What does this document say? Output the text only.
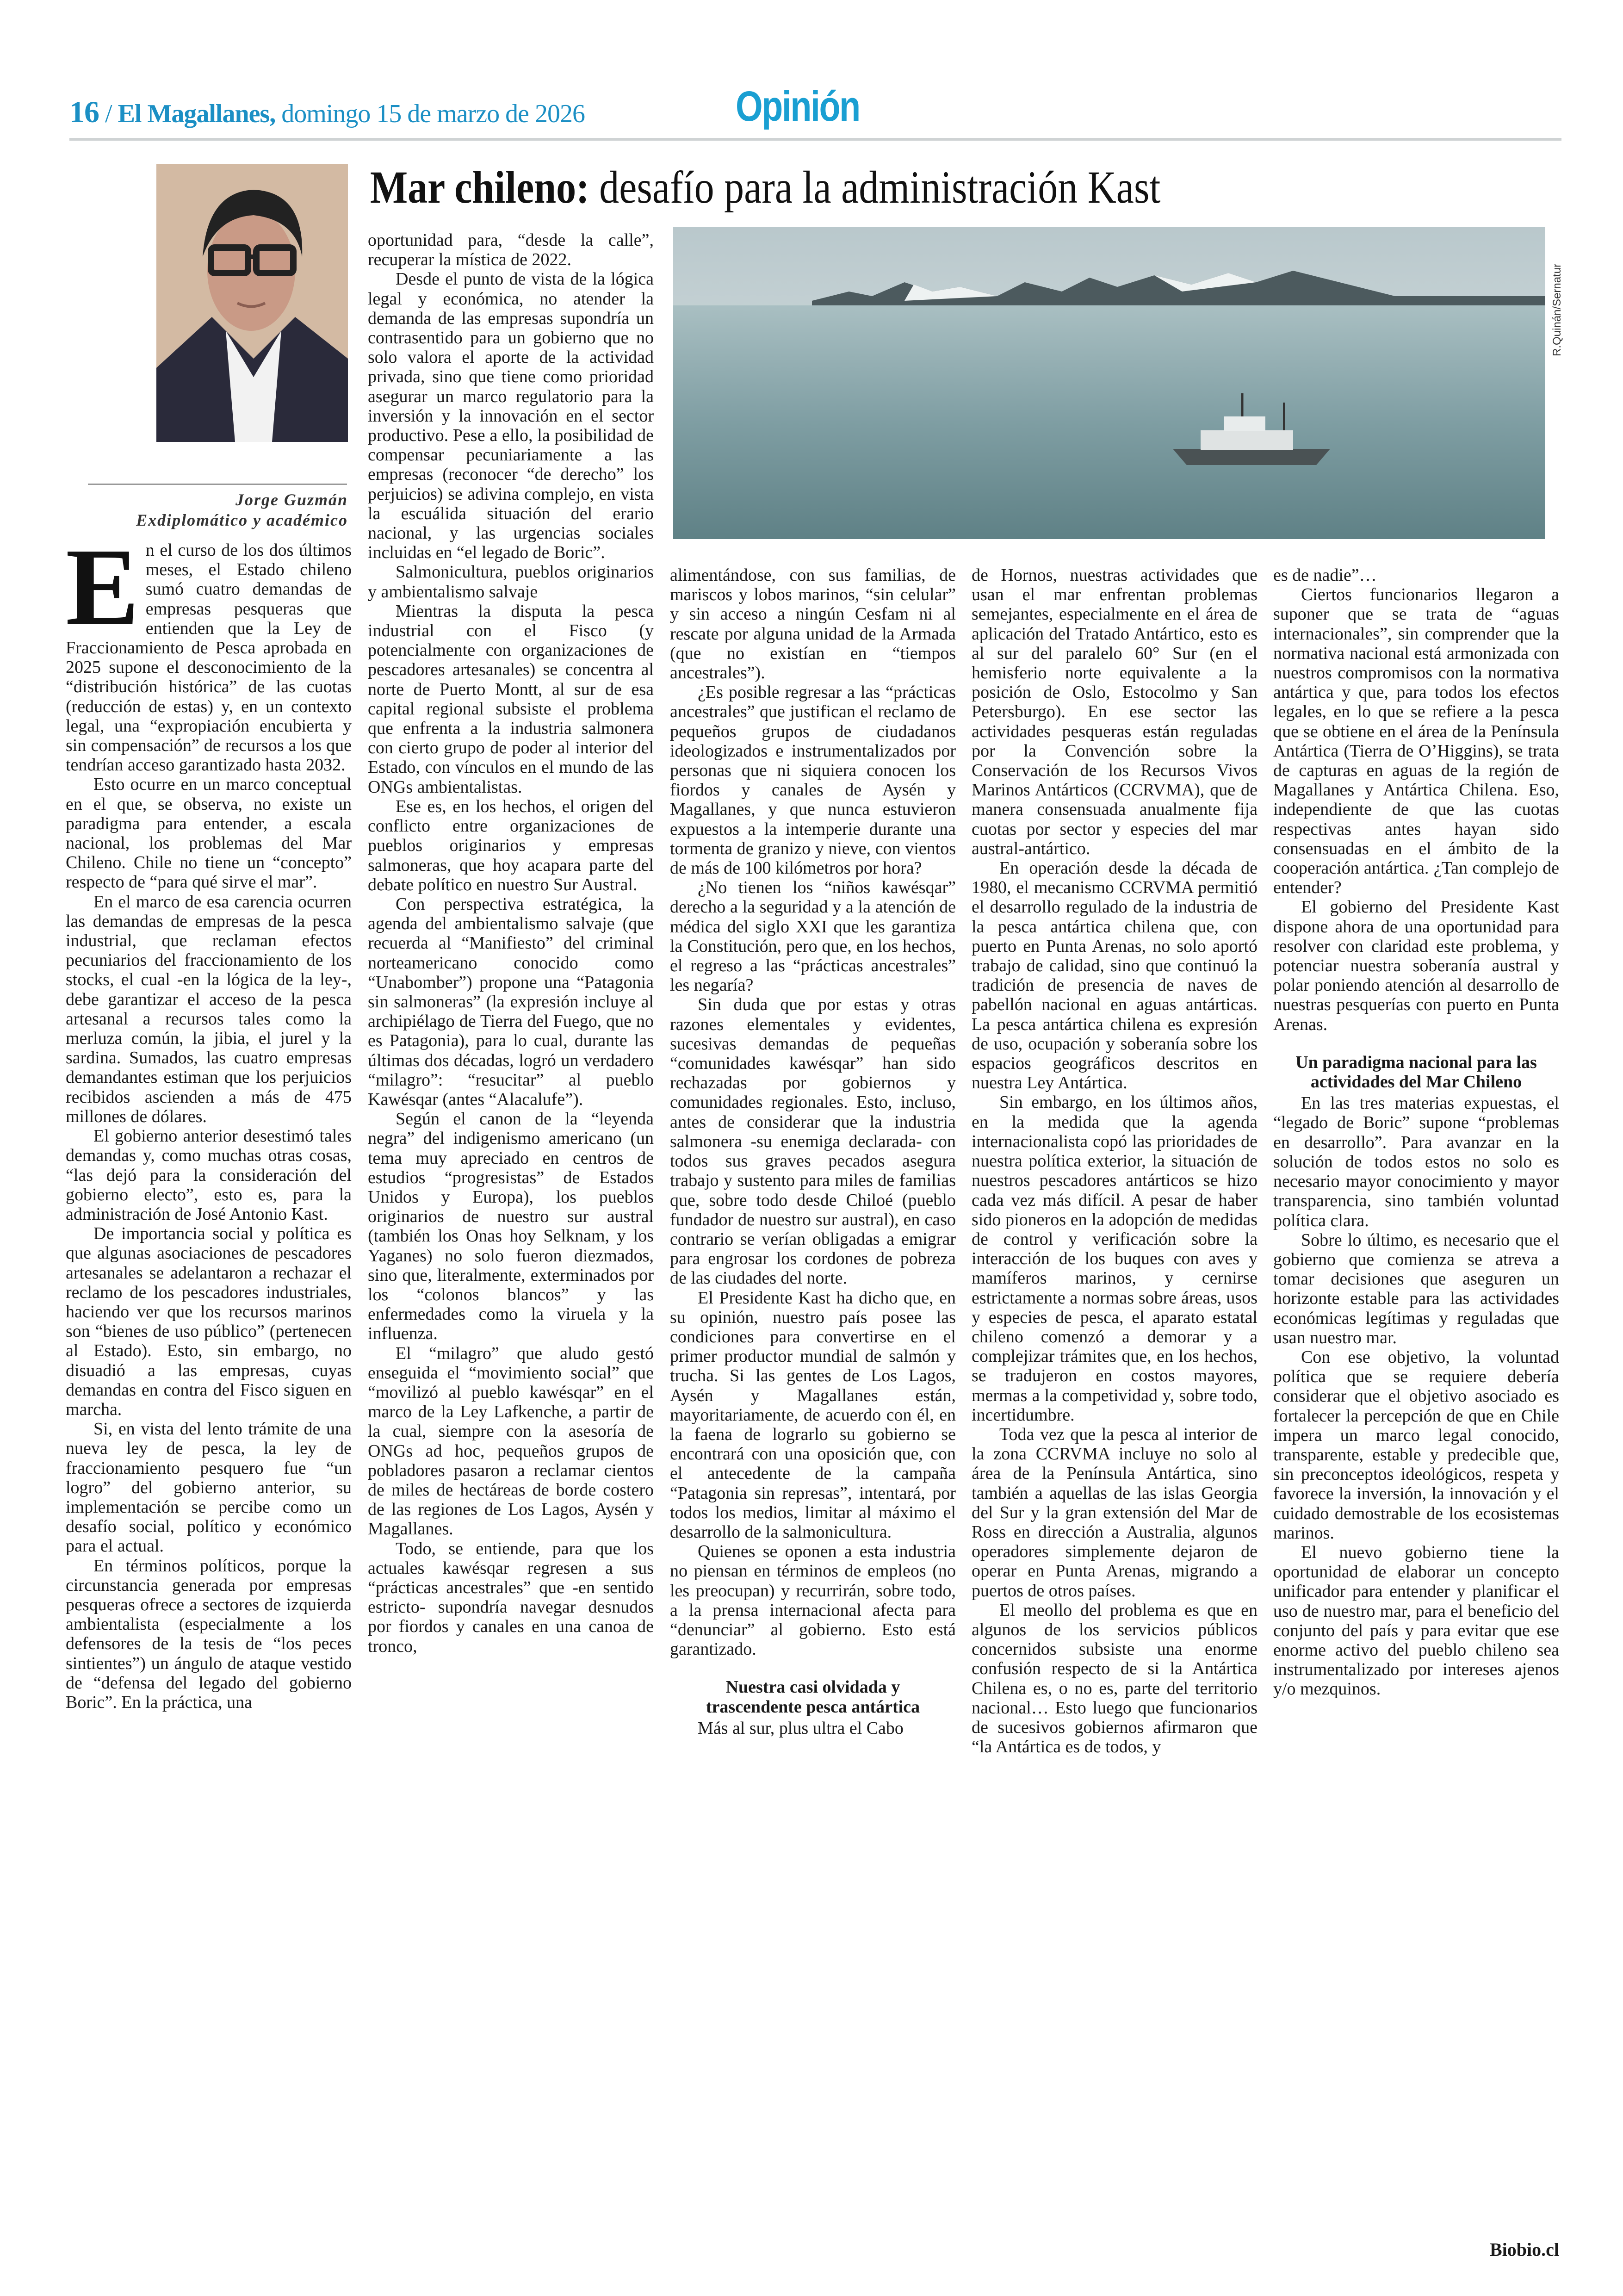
16 / El Magallanes, domingo 15 de marzo de 2026	Opinión
Jorge Guzmán
Exdiplomático y académico
Mar chileno: desafío para la administración Kast
R.Quinán/Sernatur

En el curso de los dos últimos meses, el Estado chileno sumó cuatro demandas de empresas pesqueras que entienden que la Ley de Fraccionamiento de Pesca aprobada en 2025 supone el desconocimiento de la “distribución histórica” de las cuotas (reducción de estas) y, en un contexto legal, una “expropiación encubierta y sin compensación” de recursos a los que tendrían acceso garantizado hasta 2032.

Esto ocurre en un marco conceptual en el que, se observa, no existe un paradigma para entender, a escala nacional, los problemas del Mar Chileno. Chile no tiene un “concepto” respecto de “para qué sirve el mar”.

En el marco de esa carencia ocurren las demandas de empresas de la pesca industrial, que reclaman efectos pecuniarios del fraccionamiento de los stocks, el cual -en la lógica de la ley-, debe garantizar el acceso de la pesca artesanal a recursos tales como la merluza común, la jibia, el jurel y la sardina. Sumados, las cuatro empresas demandantes estiman que los perjuicios recibidos ascienden a más de 475 millones de dólares.

El gobierno anterior desestimó tales demandas y, como muchas otras cosas, “las dejó para la consideración del gobierno electo”, esto es, para la administración de José Antonio Kast.

De importancia social y política es que algunas asociaciones de pescadores artesanales se adelantaron a rechazar el reclamo de los pescadores industriales, haciendo ver que los recursos marinos son “bienes de uso público” (pertenecen al Estado). Esto, sin embargo, no disuadió a las empresas, cuyas demandas en contra del Fisco siguen en marcha.

Si, en vista del lento trámite de una nueva ley de pesca, la ley de fraccionamiento pesquero fue “un logro” del gobierno anterior, su implementación se percibe como un desafío social, político y económico para el actual.

En términos políticos, porque la circunstancia generada por empresas pesqueras ofrece a sectores de izquierda ambientalista (especialmente a los defensores de la tesis de “los peces sintientes”) un ángulo de ataque vestido de “defensa del legado del gobierno Boric”. En la práctica, una

oportunidad para, “desde la calle”, recuperar la mística de 2022.

Desde el punto de vista de la lógica legal y económica, no atender la demanda de las empresas supondría un contrasentido para un gobierno que no solo valora el aporte de la actividad privada, sino que tiene como prioridad asegurar un marco regulatorio para la inversión y la innovación en el sector productivo. Pese a ello, la posibilidad de compensar pecuniariamente a las empresas (reconocer “de derecho” los perjuicios) se adivina complejo, en vista la escuálida situación del erario nacional, y las urgencias sociales incluidas en “el legado de Boric”.

Salmonicultura, pueblos originarios y ambientalismo salvaje

Mientras la disputa la pesca industrial con el Fisco (y potencialmente con organizaciones de pescadores artesanales) se concentra al norte de Puerto Montt, al sur de esa capital regional subsiste el problema que enfrenta a la industria salmonera con cierto grupo de poder al interior del Estado, con vínculos en el mundo de las ONGs ambientalistas.

Ese es, en los hechos, el origen del conflicto entre organizaciones de pueblos originarios y empresas salmoneras, que hoy acapara parte del debate político en nuestro Sur Austral.

Con perspectiva estratégica, la agenda del ambientalismo salvaje (que recuerda al “Manifiesto” del criminal norteamericano conocido como “Unabomber”) propone una “Patagonia sin salmoneras” (la expresión incluye al archipiélago de Tierra del Fuego, que no es Patagonia), para lo cual, durante las últimas dos décadas, logró un verdadero “milagro”: “resucitar” al pueblo Kawésqar (antes “Alacalufe”).

Según el canon de la “leyenda negra” del indigenismo americano (un tema muy apreciado en centros de estudios “progresistas” de Estados Unidos y Europa), los pueblos originarios de nuestro sur austral (también los Onas hoy Selknam, y los Yaganes) no solo fueron diezmados, sino que, literalmente, exterminados por los “colonos blancos” y las enfermedades como la viruela y la influenza.

El “milagro” que aludo gestó enseguida el “movimiento social” que “movilizó al pueblo kawésqar” en el marco de la Ley Lafkenche, a partir de la cual, siempre con la asesoría de ONGs ad hoc, pequeños grupos de pobladores pasaron a reclamar cientos de miles de hectáreas de borde costero de las regiones de Los Lagos, Aysén y Magallanes.

Todo, se entiende, para que los actuales kawésqar regresen a sus “prácticas ancestrales” que -en sentido estricto- supondría navegar desnudos por fiordos y canales en una canoa de tronco,

alimentándose, con sus familias, de mariscos y lobos marinos, “sin celular” y sin acceso a ningún Cesfam ni al rescate por alguna unidad de la Armada (que no existían en “tiempos ancestrales”).

¿Es posible regresar a las “prácticas ancestrales” que justifican el reclamo de pequeños grupos de ciudadanos ideologizados e instrumentalizados por personas que ni siquiera conocen los fiordos y canales de Aysén y Magallanes, y que nunca estuvieron expuestos a la intemperie durante una tormenta de granizo y nieve, con vientos de más de 100 kilómetros por hora?

¿No tienen los “niños kawésqar” derecho a la seguridad y a la atención de médica del siglo XXI que les garantiza la Constitución, pero que, en los hechos, el regreso a las “prácticas ancestrales” les negaría?

Sin duda que por estas y otras razones elementales y evidentes, sucesivas demandas de pequeñas “comunidades kawésqar” han sido rechazadas por gobiernos y comunidades regionales. Esto, incluso, antes de considerar que la industria salmonera -su enemiga declarada- con todos sus graves pecados asegura trabajo y sustento para miles de familias que, sobre todo desde Chiloé (pueblo fundador de nuestro sur austral), en caso contrario se verían obligadas a emigrar para engrosar los cordones de pobreza de las ciudades del norte.

El Presidente Kast ha dicho que, en su opinión, nuestro país posee las condiciones para convertirse en el primer productor mundial de salmón y trucha. Si las gentes de Los Lagos, Aysén y Magallanes están, mayoritariamente, de acuerdo con él, en la faena de lograrlo su gobierno se encontrará con una oposición que, con el antecedente de la campaña “Patagonia sin represas”, intentará, por todos los medios, limitar al máximo el desarrollo de la salmonicultura.

Quienes se oponen a esta industria no piensan en términos de empleos (no les preocupan) y recurrirán, sobre todo, a la prensa internacional afecta para “denunciar” al gobierno. Esto está garantizado.

Nuestra casi olvidada y trascendente pesca antártica

Más al sur, plus ultra el Cabo

de Hornos, nuestras actividades que usan el mar enfrentan problemas semejantes, especialmente en el área de aplicación del Tratado Antártico, esto es al sur del paralelo 60° Sur (en el hemisferio norte equivalente a la posición de Oslo, Estocolmo y San Petersburgo). En ese sector las actividades pesqueras están reguladas por la Convención sobre la Conservación de los Recursos Vivos Marinos Antárticos (CCRVMA), que de manera consensuada anualmente fija cuotas por sector y especies del mar austral-antártico.

En operación desde la década de 1980, el mecanismo CCRVMA permitió el desarrollo regulado de la industria de la pesca antártica chilena que, con puerto en Punta Arenas, no solo aportó trabajo de calidad, sino que continuó la tradición de presencia de naves de pabellón nacional en aguas antárticas. La pesca antártica chilena es expresión de uso, ocupación y soberanía sobre los espacios geográficos descritos en nuestra Ley Antártica.

Sin embargo, en los últimos años, en la medida que la agenda internacionalista copó las prioridades de nuestra política exterior, la situación de nuestros pescadores antárticos se hizo cada vez más difícil. A pesar de haber sido pioneros en la adopción de medidas de control y verificación sobre la interacción de los buques con aves y mamíferos marinos, y cernirse estrictamente a normas sobre áreas, usos y especies de pesca, el aparato estatal chileno comenzó a demorar y a complejizar trámites que, en los hechos, se tradujeron en costos mayores, mermas a la competividad y, sobre todo, incertidumbre.

Toda vez que la pesca al interior de la zona CCRVMA incluye no solo al área de la Península Antártica, sino también a aquellas de las islas Georgia del Sur y la gran extensión del Mar de Ross en dirección a Australia, algunos operadores simplemente dejaron de operar en Punta Arenas, migrando a puertos de otros países.

El meollo del problema es que en algunos de los servicios públicos concernidos subsiste una enorme confusión respecto de si la Antártica Chilena es, o no es, parte del territorio nacional… Esto luego que funcionarios de sucesivos gobiernos afirmaron que “la Antártica es de todos, y

es de nadie”…

Ciertos funcionarios llegaron a suponer que se trata de “aguas internacionales”, sin comprender que la normativa nacional está armonizada con nuestros compromisos con la normativa antártica y que, para todos los efectos legales, en lo que se refiere a la pesca que se obtiene en el área de la Península Antártica (Tierra de O’Higgins), se trata de capturas en aguas de la región de Magallanes y Antártica Chilena. Eso, independiente de que las cuotas respectivas antes hayan sido consensuadas en el ámbito de la cooperación antártica. ¿Tan complejo de entender?

El gobierno del Presidente Kast dispone ahora de una oportunidad para resolver con claridad este problema, y potenciar nuestra soberanía austral y polar poniendo atención al desarrollo de nuestras pesquerías con puerto en Punta Arenas.

Un paradigma nacional para las actividades del Mar Chileno

En las tres materias expuestas, el “legado de Boric” supone “problemas en desarrollo”. Para avanzar en la solución de todos estos no solo es necesario mayor conocimiento y mayor transparencia, sino también voluntad política clara.

Sobre lo último, es necesario que el gobierno que comienza se atreva a tomar decisiones que aseguren un horizonte estable para las actividades económicas legítimas y reguladas que usan nuestro mar.

Con ese objetivo, la voluntad política que se requiere debería considerar que el objetivo asociado es fortalecer la percepción de que en Chile impera un marco legal conocido, transparente, estable y predecible que, sin preconceptos ideológicos, respeta y favorece la inversión, la innovación y el cuidado demostrable de los ecosistemas marinos.

El nuevo gobierno tiene la oportunidad de elaborar un concepto unificador para entender y planificar el uso de nuestro mar, para el beneficio del conjunto del país y para evitar que ese enorme activo del pueblo chileno sea instrumentalizado por intereses ajenos y/o mezquinos.

Biobio.cl
